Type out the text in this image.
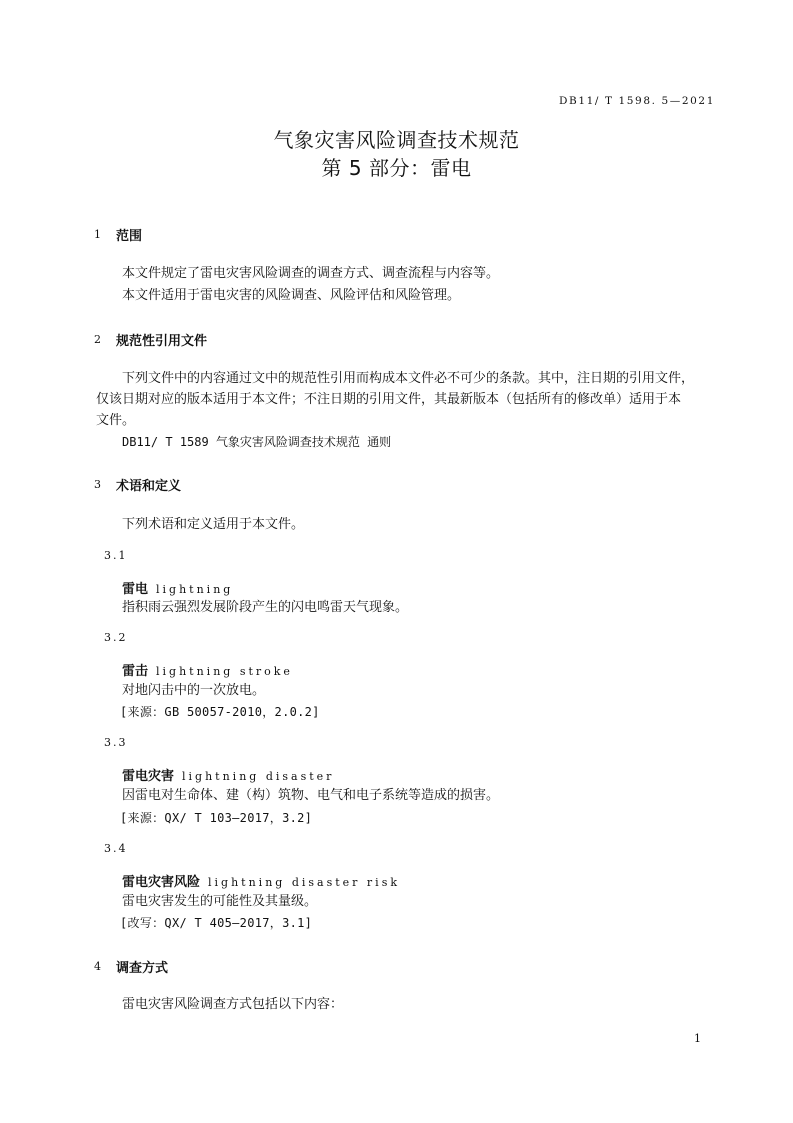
DB11/ T 1598. 5—2021
气象灾害风险调查技术规范
第 5 部分：雷电
1 范围
本文件规定了雷电灾害风险调查的调查方式、调查流程与内容等。
本文件适用于雷电灾害的风险调查、风险评估和风险管理。
2 规范性引用文件
下列文件中的内容通过文中的规范性引用而构成本文件必不可少的条款。其中，注日期的引用文件，
仅该日期对应的版本适用于本文件；不注日期的引用文件，其最新版本（包括所有的修改单）适用于本
文件。
DB11/ T 1589 气象灾害风险调查技术规范 通则
3 术语和定义
下列术语和定义适用于本文件。
3.1
雷电 lightning
指积雨云强烈发展阶段产生的闪电鸣雷天气现象。
3.2
雷击 lightning stroke
对地闪击中的一次放电。
[来源：GB 50057-2010，2.0.2]
3.3
雷电灾害 lightning disaster
因雷电对生命体、建（构）筑物、电气和电子系统等造成的损害。
[来源：QX/ T 103—2017，3.2]
3.4
雷电灾害风险 lightning disaster risk
雷电灾害发生的可能性及其量级。
[改写：QX/ T 405—2017，3.1]
4 调查方式
雷电灾害风险调查方式包括以下内容：
1
